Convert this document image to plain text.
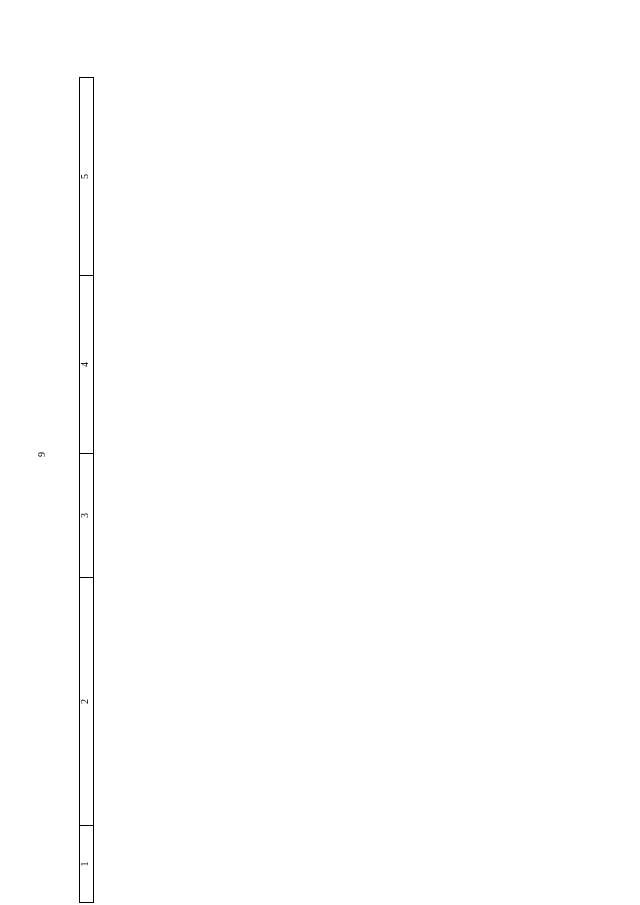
9
1	2	3	4	5
